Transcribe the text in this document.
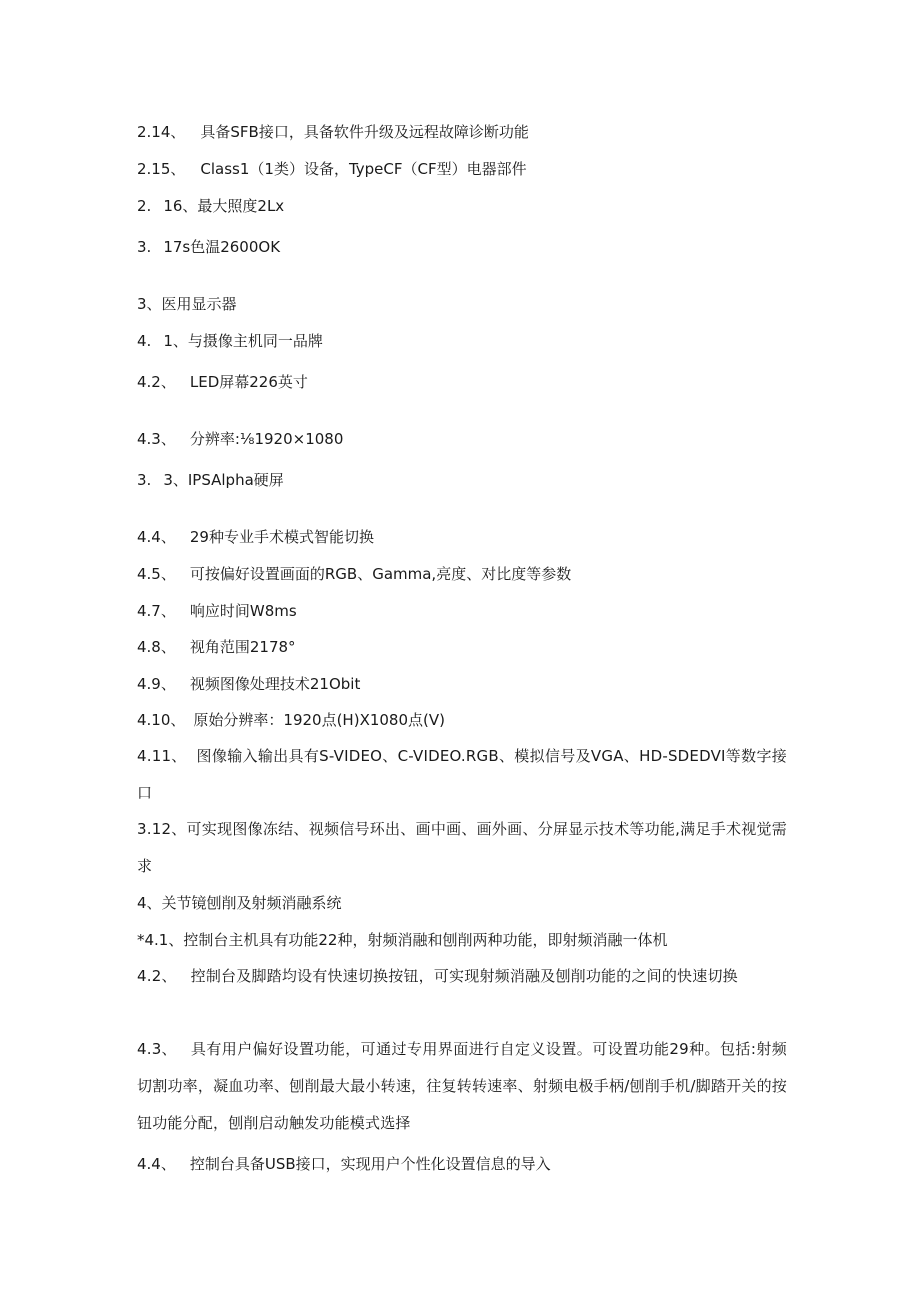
2.14、 具备SFB接口，具备软件升级及远程故障诊断功能
2.15、 Class1（1类）设备，TypeCF（CF型）电器部件
2. 16、最大照度2Lx
3. 17s色温2600OK
3、医用显示器
4. 1、与摄像主机同一品牌
4.2、 LED屏幕226英寸
4.3、 分辨率:⅛1920×1080
3. 3、IPSAlpha硬屏
4.4、 29种专业手术模式智能切换
4.5、 可按偏好设置画面的RGB、Gamma,亮度、对比度等参数
4.7、 响应时间W8ms
4.8、 视角范围2178°
4.9、 视频图像处理技术21Obit
4.10、 原始分辨率：1920点(H)X1080点(V)
4.11、 图像输入输出具有S-VIDEO、C-VIDEO.RGB、模拟信号及VGA、HD-SDEDVI等数字接口
3.12、可实现图像冻结、视频信号环出、画中画、画外画、分屏显示技术等功能,满足手术视觉需求
4、关节镜刨削及射频消融系统
*4.1、控制台主机具有功能22种，射频消融和刨削两种功能，即射频消融一体机
4.2、 控制台及脚踏均设有快速切换按钮，可实现射频消融及刨削功能的之间的快速切换
4.3、 具有用户偏好设置功能，可通过专用界面进行自定义设置。可设置功能29种。包括:射频切割功率，凝血功率、刨削最大最小转速，往复转转速率、射频电极手柄/刨削手机/脚踏开关的按钮功能分配，刨削启动触发功能模式选择
4.4、 控制台具备USB接口，实现用户个性化设置信息的导入
